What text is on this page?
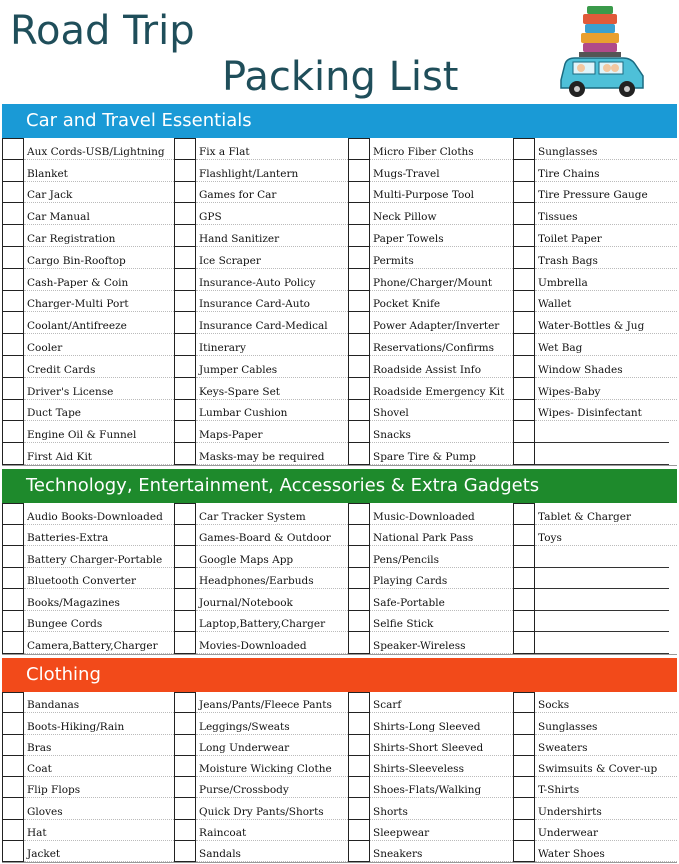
Road Trip
Packing List
Car and Travel Essentials
Aux Cords-USB/Lightning
Blanket
Car Jack
Car Manual
Car Registration
Cargo Bin-Rooftop
Cash-Paper & Coin
Charger-Multi Port
Coolant/Antifreeze
Cooler
Credit Cards
Driver's License
Duct Tape
Engine Oil & Funnel
First Aid Kit
Fix a Flat
Flashlight/Lantern
Games for Car
GPS
Hand Sanitizer
Ice Scraper
Insurance-Auto Policy
Insurance Card-Auto
Insurance Card-Medical
Itinerary
Jumper Cables
Keys-Spare Set
Lumbar Cushion
Maps-Paper
Masks-may be required
Micro Fiber Cloths
Mugs-Travel
Multi-Purpose Tool
Neck Pillow
Paper Towels
Permits
Phone/Charger/Mount
Pocket Knife
Power Adapter/Inverter
Reservations/Confirms
Roadside Assist Info
Roadside Emergency Kit
Shovel
Snacks
Spare Tire & Pump
Sunglasses
Tire Chains
Tire Pressure Gauge
Tissues
Toilet Paper
Trash Bags
Umbrella
Wallet
Water-Bottles & Jug
Wet Bag
Window Shades
Wipes-Baby
Wipes- Disinfectant
Technology, Entertainment, Accessories & Extra Gadgets
Audio Books-Downloaded
Batteries-Extra
Battery Charger-Portable
Bluetooth Converter
Books/Magazines
Bungee Cords
Camera,Battery,Charger
Car Tracker System
Games-Board & Outdoor
Google Maps App
Headphones/Earbuds
Journal/Notebook
Laptop,Battery,Charger
Movies-Downloaded
Music-Downloaded
National Park Pass
Pens/Pencils
Playing Cards
Safe-Portable
Selfie Stick
Speaker-Wireless
Tablet & Charger
Toys
Clothing
Bandanas
Boots-Hiking/Rain
Bras
Coat
Flip Flops
Gloves
Hat
Jacket
Jeans/Pants/Fleece Pants
Leggings/Sweats
Long Underwear
Moisture Wicking Clothe
Purse/Crossbody
Quick Dry Pants/Shorts
Raincoat
Sandals
Scarf
Shirts-Long Sleeved
Shirts-Short Sleeved
Shirts-Sleeveless
Shoes-Flats/Walking
Shorts
Sleepwear
Sneakers
Socks
Sunglasses
Sweaters
Swimsuits & Cover-up
T-Shirts
Undershirts
Underwear
Water Shoes
